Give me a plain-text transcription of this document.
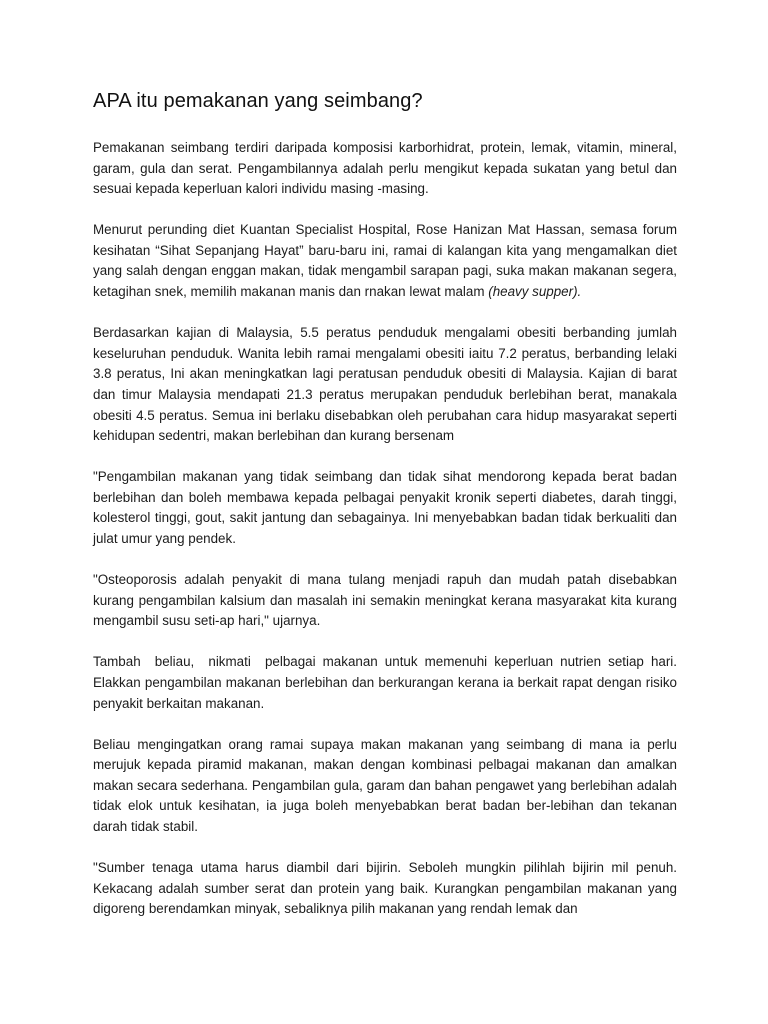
APA itu pemakanan yang seimbang?

Pemakanan seimbang terdiri daripada komposisi karborhidrat, protein, lemak, vitamin, mineral, garam, gula dan serat. Pengambilannya adalah perlu mengikut kepada sukatan yang betul dan sesuai kepada keperluan kalori individu masing -masing.

Menurut perunding diet Kuantan Specialist Hospital, Rose Hanizan Mat Hassan, semasa forum kesihatan “Sihat Sepanjang Hayat” baru-baru ini, ramai di kalangan kita yang mengamalkan diet yang salah dengan enggan makan, tidak mengambil sarapan pagi, suka makan makanan segera, ketagihan snek, memilih makanan manis dan rnakan lewat malam (heavy supper).

Berdasarkan kajian di Malaysia, 5.5 peratus penduduk mengalami obesiti berbanding jumlah keseluruhan penduduk. Wanita lebih ramai mengalami obesiti iaitu 7.2 peratus, berbanding lelaki 3.8 peratus, Ini akan meningkatkan lagi peratusan penduduk obesiti di Malaysia. Kajian di barat dan timur Malaysia mendapati 21.3 peratus merupakan penduduk berlebihan berat, manakala obesiti 4.5 peratus. Semua ini berlaku disebabkan oleh perubahan cara hidup masyarakat seperti kehidupan sedentri, makan berlebihan dan kurang bersenam

"Pengambilan makanan yang tidak seimbang dan tidak sihat mendorong kepada berat badan berlebihan dan boleh membawa kepada pelbagai penyakit kronik seperti diabetes, darah tinggi, kolesterol tinggi, gout, sakit jantung dan sebagainya. Ini menyebabkan badan tidak berkualiti dan julat umur yang pendek.

"Osteoporosis adalah penyakit di mana tulang menjadi rapuh dan mudah patah disebabkan kurang pengambilan kalsium dan masalah ini semakin meningkat kerana masyarakat kita kurang mengambil susu seti-ap hari," ujarnya.

Tambah  beliau,  nikmati  pelbagai makanan untuk memenuhi keperluan nutrien setiap hari. Elakkan pengambilan makanan berlebihan dan berkurangan kerana ia berkait rapat dengan risiko penyakit berkaitan makanan.

Beliau mengingatkan orang ramai supaya makan makanan yang seimbang di mana ia perlu merujuk kepada piramid makanan, makan dengan kombinasi pelbagai makanan dan amalkan makan secara sederhana. Pengambilan gula, garam dan bahan pengawet yang berlebihan adalah tidak elok untuk kesihatan, ia juga boleh menyebabkan berat badan ber-lebihan dan tekanan darah tidak stabil.

"Sumber tenaga utama harus diambil dari bijirin. Seboleh mungkin pilihlah bijirin mil penuh. Kekacang adalah sumber serat dan protein yang baik. Kurangkan pengambilan makanan yang digoreng berendamkan minyak, sebaliknya pilih makanan yang rendah lemak dan
